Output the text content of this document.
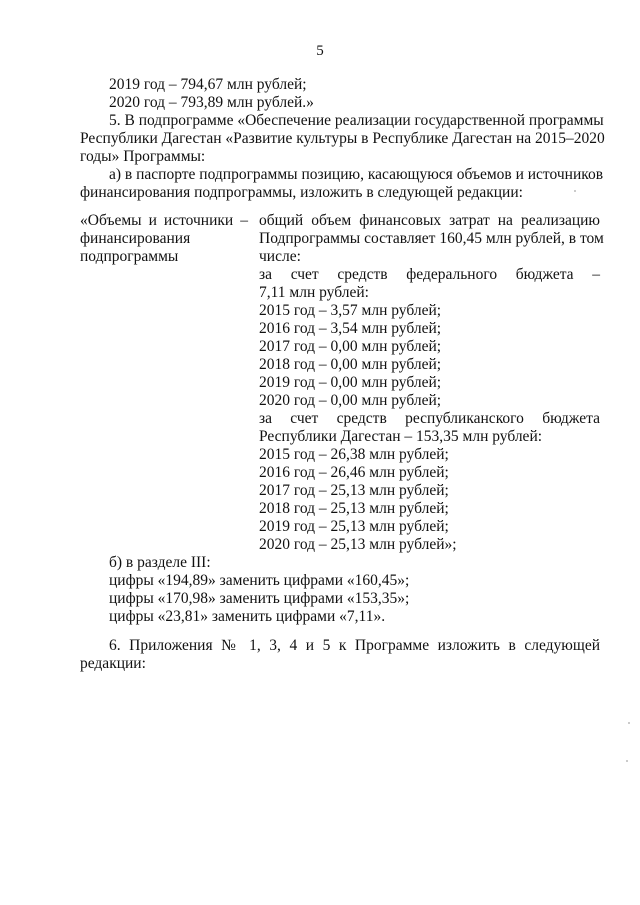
5
2019 год – 794,67 млн рублей;
2020 год – 793,89 млн рублей.»
5. В подпрограмме «Обеспечение реализации государственной программы
Республики Дагестан «Развитие культуры в Республике Дагестан на 2015–2020
годы» Программы:
а) в паспорте подпрограммы позицию, касающуюся объемов и источников
финансирования подпрограммы, изложить в следующей редакции:
«Объемы и источники –
финансирования
подпрограммы
общий объем финансовых затрат на реализацию
Подпрограммы составляет 160,45 млн рублей, в том
числе:
за счет средств федерального бюджета –
7,11 млн рублей:
2015 год – 3,57 млн рублей;
2016 год – 3,54 млн рублей;
2017 год – 0,00 млн рублей;
2018 год – 0,00 млн рублей;
2019 год – 0,00 млн рублей;
2020 год – 0,00 млн рублей;
за счет средств республиканского бюджета
Республики Дагестан – 153,35 млн рублей:
2015 год – 26,38 млн рублей;
2016 год – 26,46 млн рублей;
2017 год – 25,13 млн рублей;
2018 год – 25,13 млн рублей;
2019 год – 25,13 млн рублей;
2020 год – 25,13 млн рублей»;
б) в разделе III:
цифры «194,89» заменить цифрами «160,45»;
цифры «170,98» заменить цифрами «153,35»;
цифры «23,81» заменить цифрами «7,11».
6. Приложения № 1, 3, 4 и 5 к Программе изложить в следующей
редакции:
